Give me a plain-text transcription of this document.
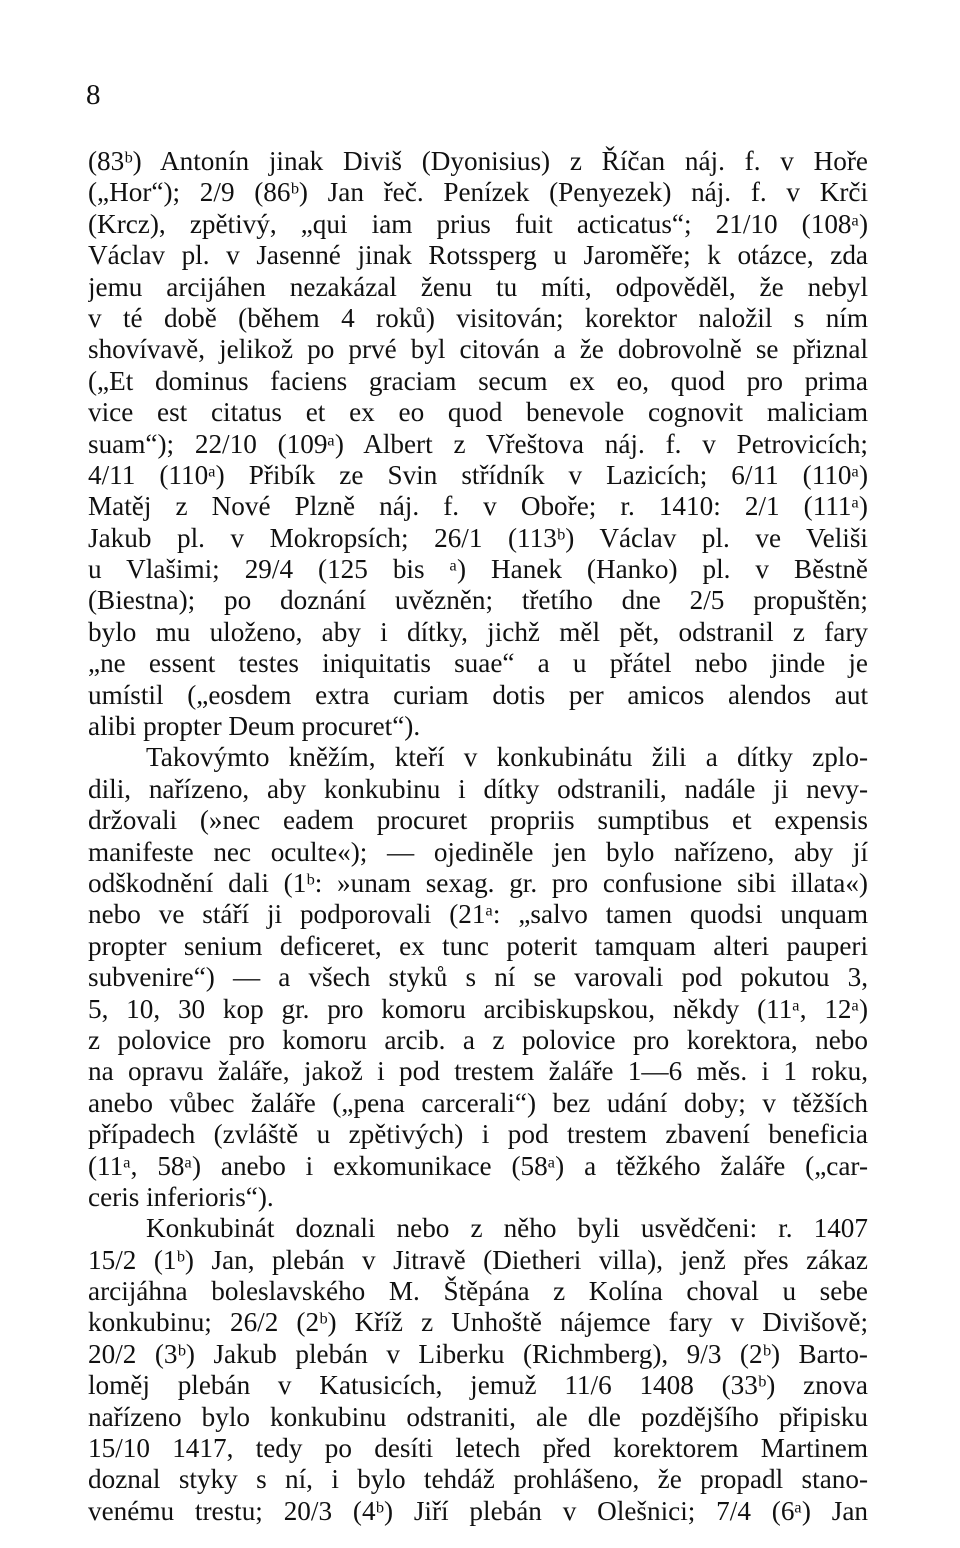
8
(83ᵇ) Antonín jinak Diviš (Dyonisius) z Říčan náj. f. v Hoře
(„Hor“); 2/9 (86ᵇ) Jan řeč. Penízek (Penyezek) náj. f. v Krči
(Krcz), zpětivý, „qui iam prius fuit acticatus“; 21/10 (108ᵃ)
Václav pl. v Jasenné jinak Rotssperg u Jaroměře; k otázce, zda
jemu arcijáhen nezakázal ženu tu míti, odpověděl, že nebyl
v té době (během 4 roků) visitován; korektor naložil s ním
shovívavě, jelikož po prvé byl citován a že dobrovolně se přiznal
(„Et dominus faciens graciam secum ex eo, quod pro prima
vice est citatus et ex eo quod benevole cognovit maliciam
suam“); 22/10 (109ᵃ) Albert z Vřeštova náj. f. v Petrovicích;
4/11 (110ᵃ) Přibík ze Svin střídník v Lazicích; 6/11 (110ᵃ)
Matěj z Nové Plzně náj. f. v Oboře; r. 1410: 2/1 (111ᵃ)
Jakub pl. v Mokropsích; 26/1 (113ᵇ) Václav pl. ve Veliši
u Vlašimi; 29/4 (125 bis ᵃ) Hanek (Hanko) pl. v Běstně
(Biestna); po doznání uvězněn; třetího dne 2/5 propuštěn;
bylo mu uloženo, aby i dítky, jichž měl pět, odstranil z fary
„ne essent testes iniquitatis suae“ a u přátel nebo jinde je
umístil („eosdem extra curiam dotis per amicos alendos aut
alibi propter Deum procuret“).
Takovýmto kněžím, kteří v konkubinátu žili a dítky zplo-
dili, nařízeno, aby konkubinu i dítky odstranili, nadále ji nevy-
držovali (»nec eadem procuret propriis sumptibus et expensis
manifeste nec oculte«); — ojediněle jen bylo nařízeno, aby jí
odškodnění dali (1ᵇ: »unam sexag. gr. pro confusione sibi illata«)
nebo ve stáří ji podporovali (21ᵃ: „salvo tamen quodsi unquam
propter senium deficeret, ex tunc poterit tamquam alteri pauperi
subvenire“) — a všech styků s ní se varovali pod pokutou 3,
5, 10, 30 kop gr. pro komoru arcibiskupskou, někdy (11ᵃ, 12ᵃ)
z polovice pro komoru arcib. a z polovice pro korektora, nebo
na opravu žaláře, jakož i pod trestem žaláře 1—6 měs. i 1 roku,
anebo vůbec žaláře („pena carcerali“) bez udání doby; v těžších
případech (zvláště u zpětivých) i pod trestem zbavení beneficia
(11ᵃ, 58ᵃ) anebo i exkomunikace (58ᵃ) a těžkého žaláře („car-
ceris inferioris“).
Konkubinát doznali nebo z něho byli usvědčeni: r. 1407
15/2 (1ᵇ) Jan, plebán v Jitravě (Dietheri villa), jenž přes zákaz
arcijáhna boleslavského M. Štěpána z Kolína choval u sebe
konkubinu; 26/2 (2ᵇ) Kříž z Unhoště nájemce fary v Divišově;
20/2 (3ᵇ) Jakub plebán v Liberku (Richmberg), 9/3 (2ᵇ) Barto-
loměj plebán v Katusicích, jemuž 11/6 1408 (33ᵇ) znova
nařízeno bylo konkubinu odstraniti, ale dle pozdějšího připisku
15/10 1417, tedy po desíti letech před korektorem Martinem
doznal styky s ní, i bylo tehdáž prohlášeno, že propadl stano-
venému trestu; 20/3 (4ᵇ) Jiří plebán v Olešnici; 7/4 (6ᵃ) Jan
